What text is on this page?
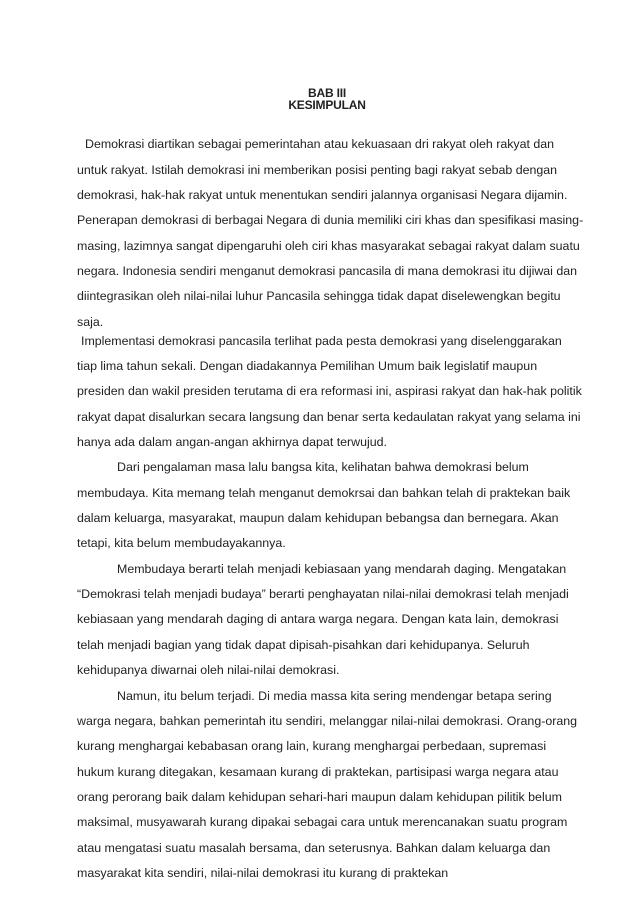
BAB III
KESIMPULAN
Demokrasi diartikan sebagai pemerintahan atau kekuasaan dri rakyat oleh rakyat dan
untuk rakyat. Istilah demokrasi ini memberikan posisi penting bagi rakyat sebab dengan
demokrasi, hak-hak rakyat untuk menentukan sendiri jalannya organisasi Negara dijamin.
Penerapan demokrasi di berbagai Negara di dunia memiliki ciri khas dan spesifikasi masing-
masing, lazimnya sangat dipengaruhi oleh ciri khas masyarakat sebagai rakyat dalam suatu
negara. Indonesia sendiri menganut demokrasi pancasila di mana demokrasi itu dijiwai dan
diintegrasikan oleh nilai-nilai luhur Pancasila sehingga tidak dapat diselewengkan begitu
saja.
Implementasi demokrasi pancasila terlihat pada pesta demokrasi yang diselenggarakan
tiap lima tahun sekali. Dengan diadakannya Pemilihan Umum baik legislatif maupun
presiden dan wakil presiden terutama di era reformasi ini, aspirasi rakyat dan hak-hak politik
rakyat dapat disalurkan secara langsung dan benar serta kedaulatan rakyat yang selama ini
hanya ada dalam angan-angan akhirnya dapat terwujud.
Dari pengalaman masa lalu bangsa kita, kelihatan bahwa demokrasi belum
membudaya. Kita memang telah menganut demokrsai dan bahkan telah di praktekan baik
dalam keluarga, masyarakat, maupun dalam kehidupan bebangsa dan bernegara. Akan
tetapi, kita belum membudayakannya.
Membudaya berarti telah menjadi kebiasaan yang mendarah daging. Mengatakan
“Demokrasi telah menjadi budaya” berarti penghayatan nilai-nilai demokrasi telah menjadi
kebiasaan yang mendarah daging di antara warga negara. Dengan kata lain, demokrasi
telah menjadi bagian yang tidak dapat dipisah-pisahkan dari kehidupanya. Seluruh
kehidupanya diwarnai oleh nilai-nilai demokrasi.
Namun, itu belum terjadi. Di media massa kita sering mendengar betapa sering
warga negara, bahkan pemerintah itu sendiri, melanggar nilai-nilai demokrasi. Orang-orang
kurang menghargai kebabasan orang lain, kurang menghargai perbedaan, supremasi
hukum kurang ditegakan, kesamaan kurang di praktekan, partisipasi warga negara atau
orang perorang baik dalam kehidupan sehari-hari maupun dalam kehidupan pilitik belum
maksimal, musyawarah kurang dipakai sebagai cara untuk merencanakan suatu program
atau mengatasi suatu masalah bersama, dan seterusnya. Bahkan dalam keluarga dan
masyarakat kita sendiri, nilai-nilai demokrasi itu kurang di praktekan
